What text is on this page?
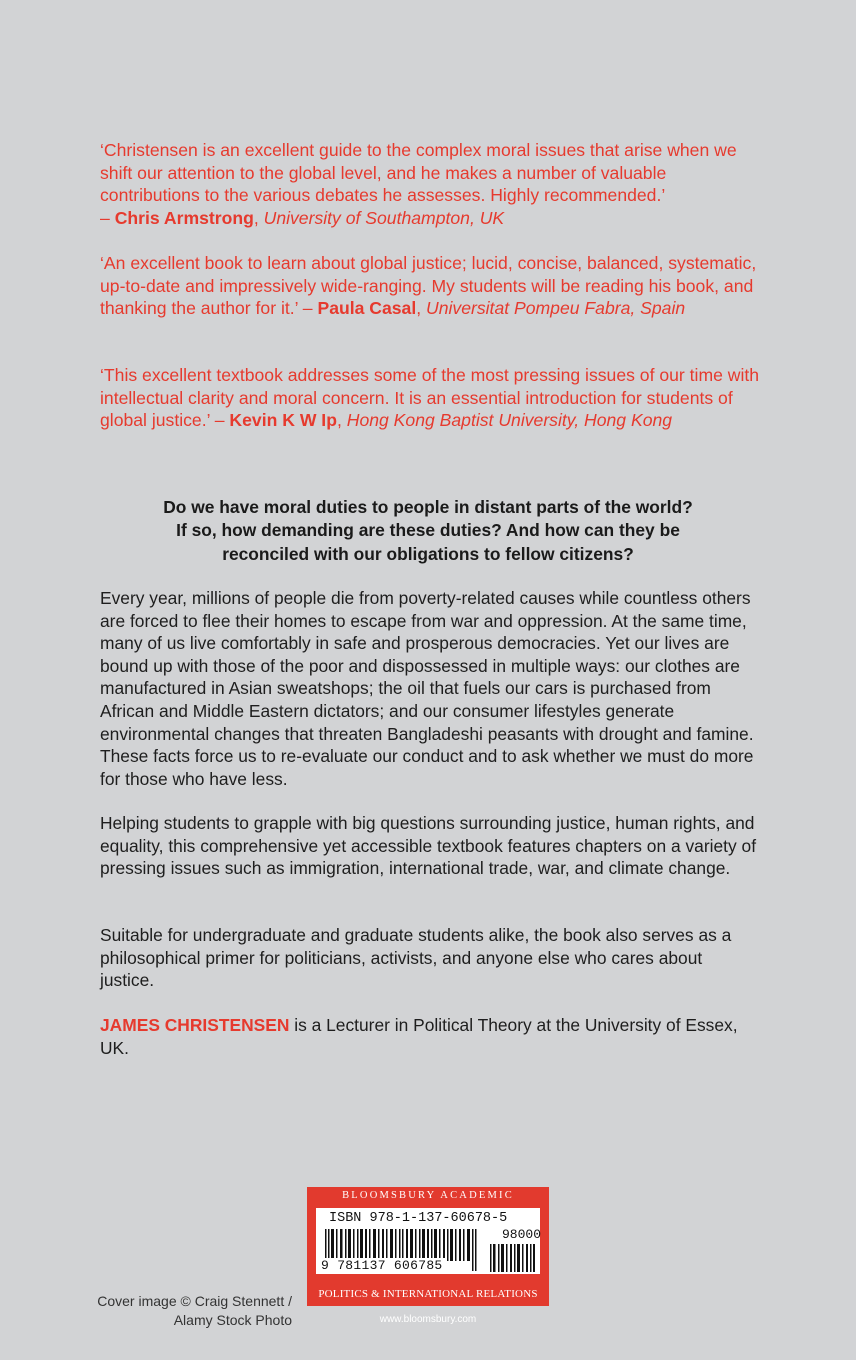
‘Christensen is an excellent guide to the complex moral issues that arise when we shift our attention to the global level, and he makes a number of valuable contributions to the various debates he assesses. Highly recommended.’
– Chris Armstrong, University of Southampton, UK
‘An excellent book to learn about global justice; lucid, concise, balanced, systematic, up-to-date and impressively wide-ranging. My students will be reading his book, and thanking the author for it.’ – Paula Casal, Universitat Pompeu Fabra, Spain
‘This excellent textbook addresses some of the most pressing issues of our time with intellectual clarity and moral concern. It is an essential introduction for students of global justice.’ – Kevin K W Ip, Hong Kong Baptist University, Hong Kong
Do we have moral duties to people in distant parts of the world?
If so, how demanding are these duties? And how can they be
reconciled with our obligations to fellow citizens?
Every year, millions of people die from poverty-related causes while countless others are forced to flee their homes to escape from war and oppression. At the same time, many of us live comfortably in safe and prosperous democracies. Yet our lives are bound up with those of the poor and dispossessed in multiple ways: our clothes are manufactured in Asian sweatshops; the oil that fuels our cars is purchased from African and Middle Eastern dictators; and our consumer lifestyles generate environmental changes that threaten Bangladeshi peasants with drought and famine. These facts force us to re-evaluate our conduct and to ask whether we must do more for those who have less.
Helping students to grapple with big questions surrounding justice, human rights, and equality, this comprehensive yet accessible textbook features chapters on a variety of pressing issues such as immigration, international trade, war, and climate change.
Suitable for undergraduate and graduate students alike, the book also serves as a philosophical primer for politicians, activists, and anyone else who cares about justice.
JAMES CHRISTENSEN is a Lecturer in Political Theory at the University of Essex, UK.
Cover image © Craig Stennett /
Alamy Stock Photo
BLOOMSBURY ACADEMIC
ISBN 978-1-137-60678-5
98000
9 781137 606785
POLITICS & INTERNATIONAL RELATIONS
www.bloomsbury.com
